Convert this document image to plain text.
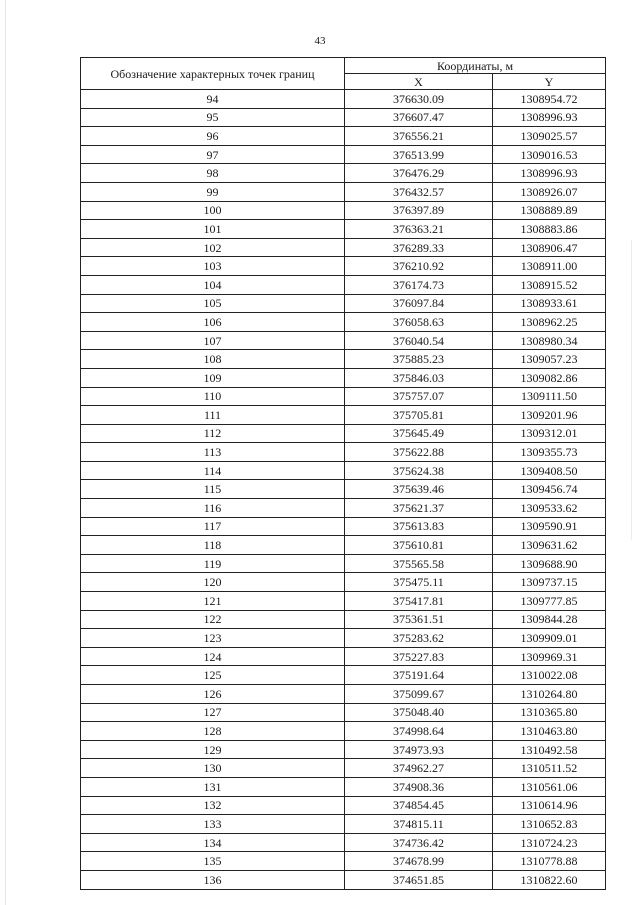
43
Обозначение характерных точек границ	Координаты, м	
	X	Y
94	376630.09	1308954.72
95	376607.47	1308996.93
96	376556.21	1309025.57
97	376513.99	1309016.53
98	376476.29	1308996.93
99	376432.57	1308926.07
100	376397.89	1308889.89
101	376363.21	1308883.86
102	376289.33	1308906.47
103	376210.92	1308911.00
104	376174.73	1308915.52
105	376097.84	1308933.61
106	376058.63	1308962.25
107	376040.54	1308980.34
108	375885.23	1309057.23
109	375846.03	1309082.86
110	375757.07	1309111.50
111	375705.81	1309201.96
112	375645.49	1309312.01
113	375622.88	1309355.73
114	375624.38	1309408.50
115	375639.46	1309456.74
116	375621.37	1309533.62
117	375613.83	1309590.91
118	375610.81	1309631.62
119	375565.58	1309688.90
120	375475.11	1309737.15
121	375417.81	1309777.85
122	375361.51	1309844.28
123	375283.62	1309909.01
124	375227.83	1309969.31
125	375191.64	1310022.08
126	375099.67	1310264.80
127	375048.40	1310365.80
128	374998.64	1310463.80
129	374973.93	1310492.58
130	374962.27	1310511.52
131	374908.36	1310561.06
132	374854.45	1310614.96
133	374815.11	1310652.83
134	374736.42	1310724.23
135	374678.99	1310778.88
136	374651.85	1310822.60
